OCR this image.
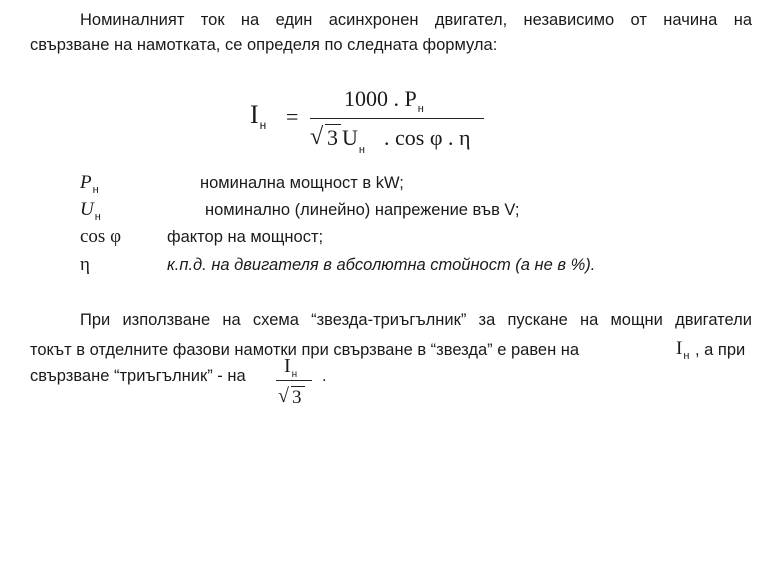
Номиналният ток на един асинхронен двигател, независимо от начина на
свързване на намотката, се определя по следната формула:
$I_н$ =
1000 . $P_н$
√ 3 $U_н$ . cos φ . η
$P_н$	номинална мощност в kW;
$U_н$	номинално (линейно) напрежение във V;
cos φ	фактор на мощност;
η	к.п.д. на двигателя в абсолютна стойност (а не в %).
При използване на схема “звезда-триъгълник” за пускане на мощни двигатели
токът в отделните фазови намотки при свързване в “звезда” е равен на	$I_н$ , а при
свързване “триъгълник” - на $I_н$
√ 3
.
